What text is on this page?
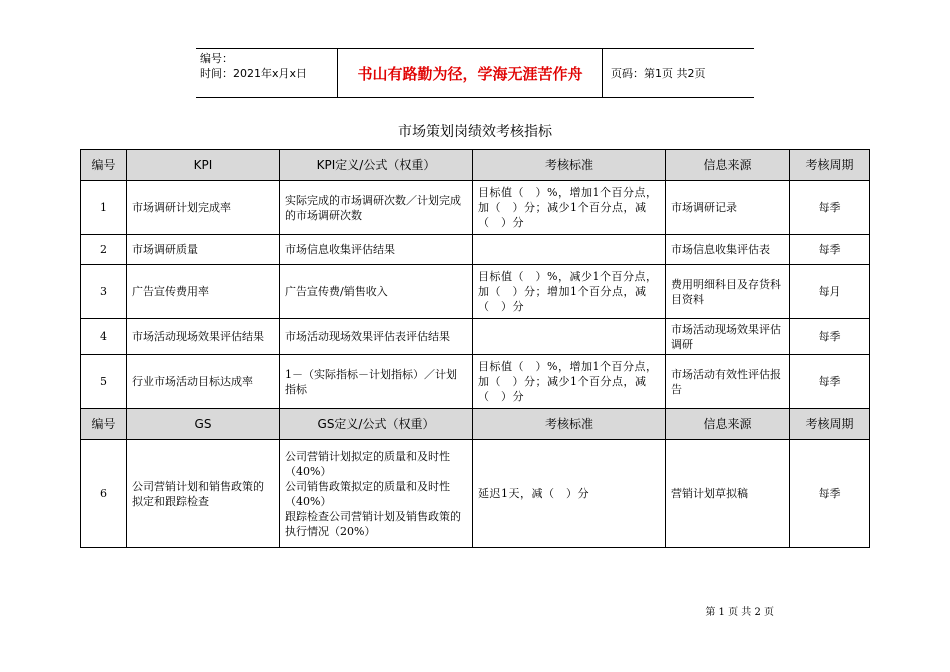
编号：
时间：2021年x月x日	书山有路勤为径，学海无涯苦作舟	页码：第1页 共2页
市场策划岗绩效考核指标
编号	KPI	KPI定义/公式（权重）	考核标准	信息来源	考核周期
1	市场调研计划完成率	实际完成的市场调研次数／计划完成的市场调研次数	目标值（　）%，增加1个百分点，加（　）分；减少1个百分点，减（　）分	市场调研记录	每季
2	市场调研质量	市场信息收集评估结果		市场信息收集评估表	每季
3	广告宣传费用率	广告宣传费/销售收入	目标值（　）%，减少1个百分点，加（　）分；增加1个百分点，减（　）分	费用明细科目及存货科目资料	每月
4	市场活动现场效果评估结果	市场活动现场效果评估表评估结果		市场活动现场效果评估调研	每季
5	行业市场活动目标达成率	1－（实际指标－计划指标）／计划指标	目标值（　）%，增加1个百分点，加（　）分；减少1个百分点，减（　）分	市场活动有效性评估报告	每季
编号	GS	GS定义/公式（权重）	考核标准	信息来源	考核周期
6	公司营销计划和销售政策的拟定和跟踪检查	公司营销计划拟定的质量和及时性（40%）
公司销售政策拟定的质量和及时性（40%）
跟踪检查公司营销计划及销售政策的执行情况（20%）	延迟1天，减（　）分	营销计划草拟稿	每季
第 1 页 共 2 页
